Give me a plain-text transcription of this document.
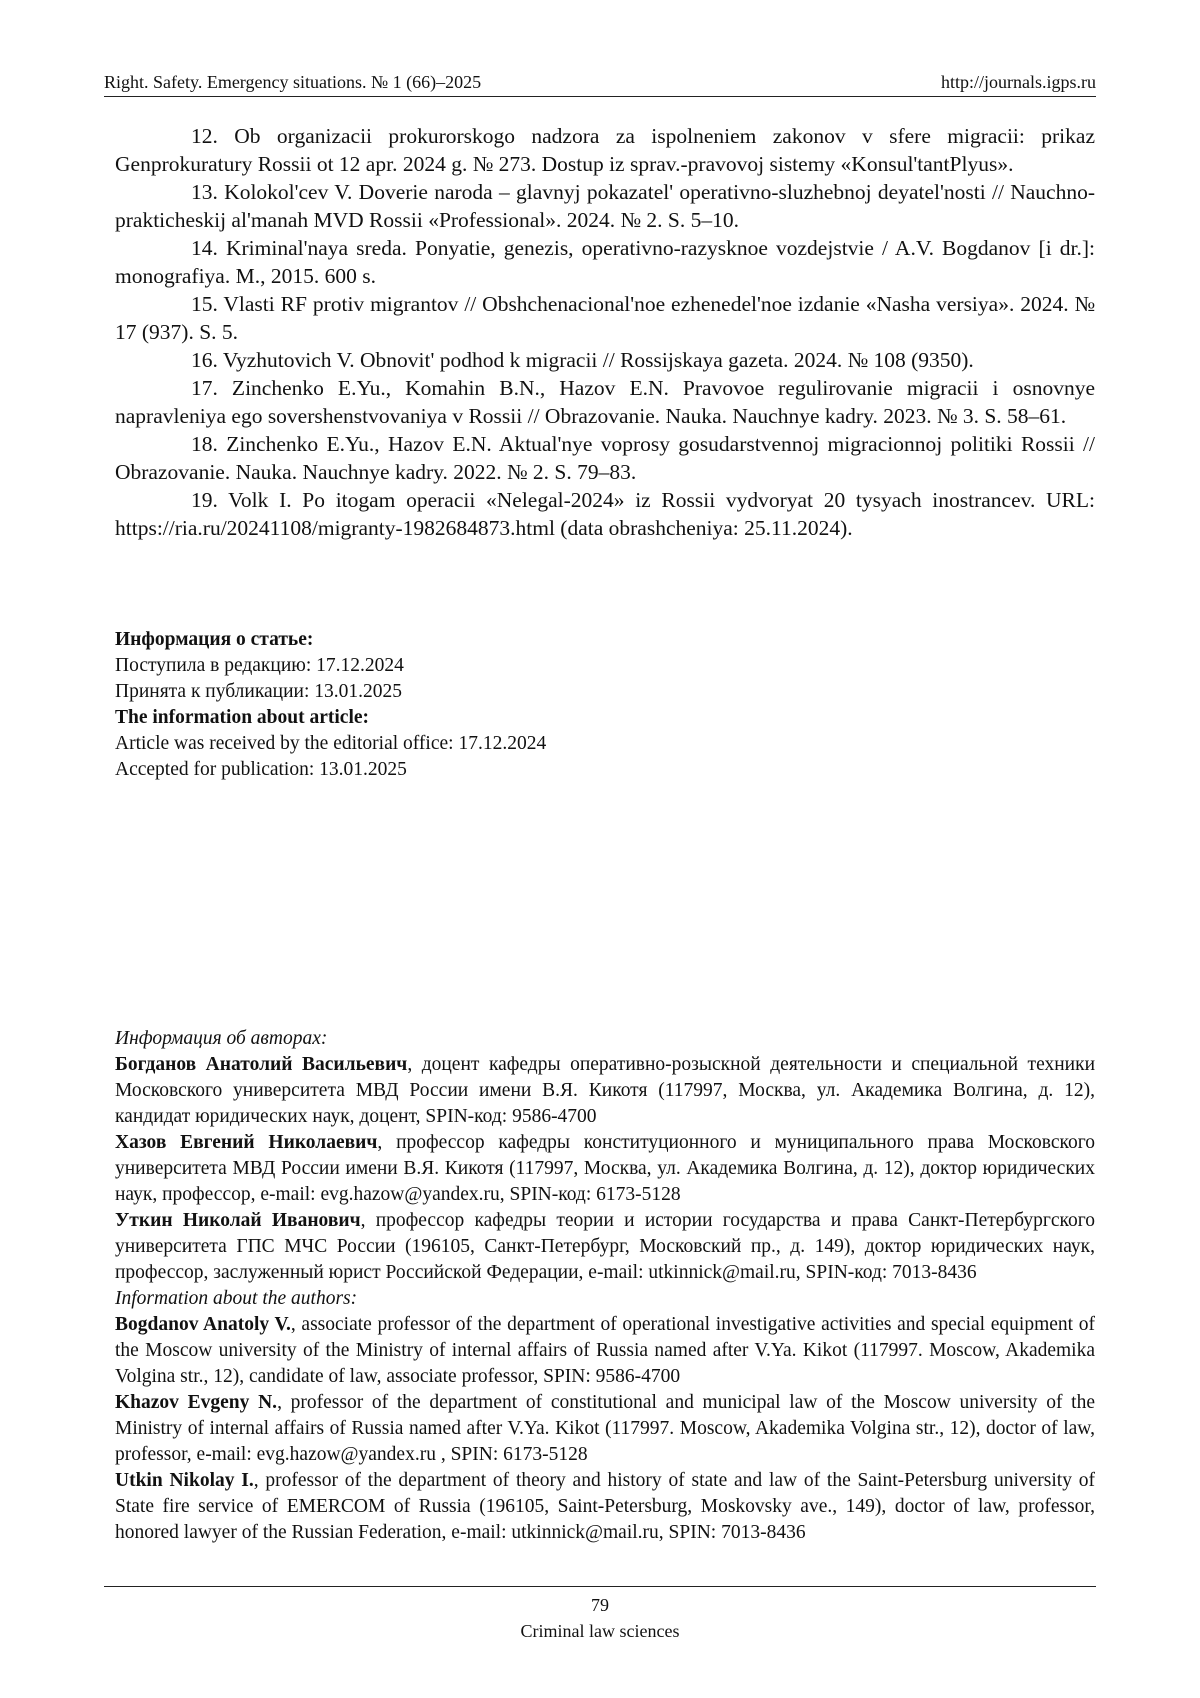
Right. Safety. Emergency situations. № 1 (66)–2025	http://journals.igps.ru

12. Ob organizacii prokurorskogo nadzora za ispolneniem zakonov v sfere migracii: prikaz Genprokuratury Rossii ot 12 apr. 2024 g. № 273. Dostup iz sprav.-pravovoj sistemy «Konsul'tantPlyus».

13. Kolokol'cev V. Doverie naroda – glavnyj pokazatel' operativno-sluzhebnoj deyatel'nosti // Nauchno-prakticheskij al'manah MVD Rossii «Professional». 2024. № 2. S. 5–10.

14. Kriminal'naya sreda. Ponyatie, genezis, operativno-razysknoe vozdejstvie / A.V. Bogdanov [i dr.]: monografiya. M., 2015. 600 s.

15. Vlasti RF protiv migrantov // Obshchenacional'noe ezhenedel'noe izdanie «Nasha versiya». 2024. № 17 (937). S. 5.

16. Vyzhutovich V. Obnovit' podhod k migracii // Rossijskaya gazeta. 2024. № 108 (9350).

17. Zinchenko E.Yu., Komahin B.N., Hazov E.N. Pravovoe regulirovanie migracii i osnovnye napravleniya ego sovershenstvovaniya v Rossii // Obrazovanie. Nauka. Nauchnye kadry. 2023. № 3. S. 58–61.

18. Zinchenko E.Yu., Hazov E.N. Aktual'nye voprosy gosudarstvennoj migracionnoj politiki Rossii // Obrazovanie. Nauka. Nauchnye kadry. 2022. № 2. S. 79–83.

19. Volk I. Po itogam operacii «Nelegal-2024» iz Rossii vydvoryat 20 tysyach inostrancev. URL: https://ria.ru/20241108/migranty-1982684873.html (data obrashcheniya: 25.11.2024).

Информация о статье:

Поступила в редакцию: 17.12.2024

Принята к публикации: 13.01.2025

The information about article:

Article was received by the editorial office: 17.12.2024

Accepted for publication: 13.01.2025

Информация об авторах:

Богданов Анатолий Васильевич, доцент кафедры оперативно-розыскной деятельности и специальной техники Московского университета МВД России имени В.Я. Кикотя (117997, Москва, ул. Академика Волгина, д. 12), кандидат юридических наук, доцент, SPIN-код: 9586-4700

Хазов Евгений Николаевич, профессор кафедры конституционного и муниципального права Московского университета МВД России имени В.Я. Кикотя (117997, Москва, ул. Академика Волгина, д. 12), доктор юридических наук, профессор, e-mail: evg.hazow@yandex.ru, SPIN-код: 6173-5128

Уткин Николай Иванович, профессор кафедры теории и истории государства и права Санкт-Петербургского университета ГПС МЧС России (196105, Санкт-Петербург, Московский пр., д. 149), доктор юридических наук, профессор, заслуженный юрист Российской Федерации, e-mail: utkinnick@mail.ru, SPIN-код: 7013-8436

Information about the authors:

Bogdanov Anatoly V., associate professor of the department of operational investigative activities and special equipment of the Moscow university of the Ministry of internal affairs of Russia named after V.Ya. Kikot (117997. Moscow, Akademika Volgina str., 12), candidate of law, associate professor, SPIN: 9586-4700

Khazov Evgeny N., professor of the department of constitutional and municipal law of the Moscow university of the Ministry of internal affairs of Russia named after V.Ya. Kikot (117997. Moscow, Akademika Volgina str., 12), doctor of law, professor, e-mail: evg.hazow@yandex.ru , SPIN: 6173-5128

Utkin Nikolay I., professor of the department of theory and history of state and law of the Saint-Petersburg university of State fire service of EMERCOM of Russia (196105, Saint-Petersburg, Moskovsky ave., 149), doctor of law, professor, honored lawyer of the Russian Federation, e-mail: utkinnick@mail.ru, SPIN: 7013-8436

79
Criminal law sciences
